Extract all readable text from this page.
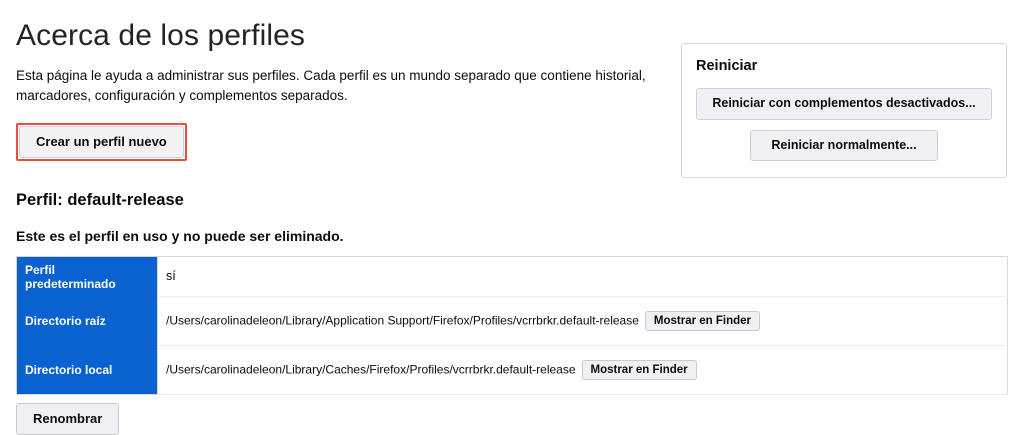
Acerca de los perfiles

Esta página le ayuda a administrar sus perfiles. Cada perfil es un mundo separado que contiene historial, marcadores, configuración y complementos separados.

Crear un perfil nuevo
Perfil: default-release

Este es el perfil en uso y no puede ser eliminado.

Perfil predeterminado	sí
Directorio raíz	/Users/carolinadeleon/Library/Application Support/Firefox/Profiles/vcrrbrkr.default-release Mostrar en Finder
Directorio local	/Users/carolinadeleon/Library/Caches/Firefox/Profiles/vcrrbrkr.default-release Mostrar en Finder
Renombrar
Reiniciar
Reiniciar con complementos desactivados...
Reiniciar normalmente...
